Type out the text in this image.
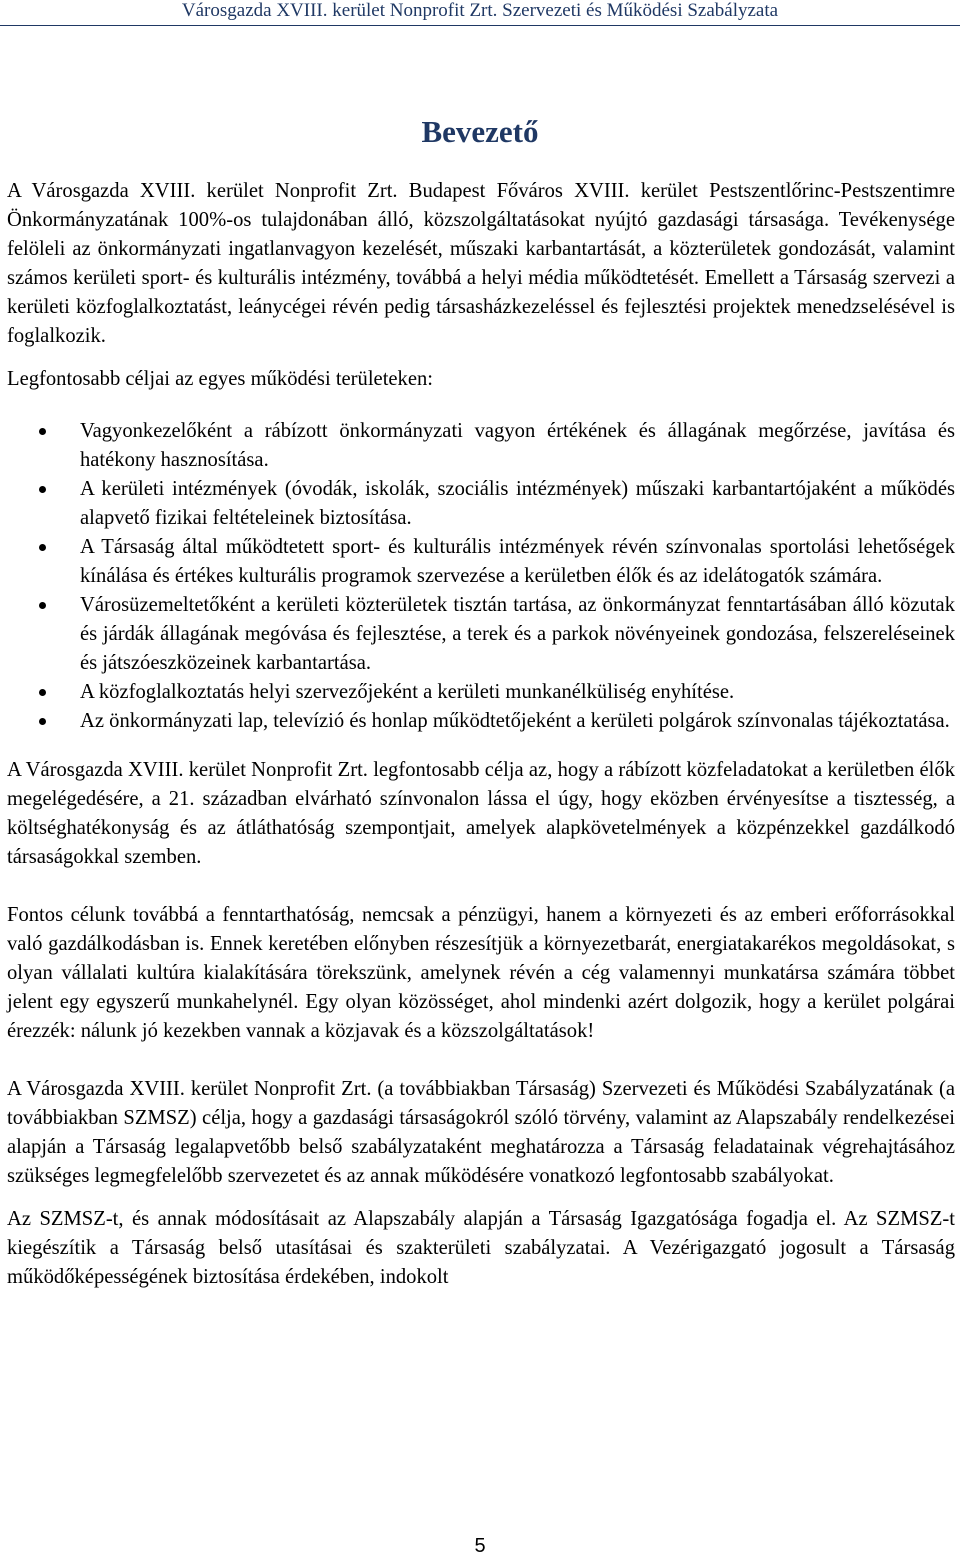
Városgazda XVIII. kerület Nonprofit Zrt. Szervezeti és Működési Szabályzata
Bevezető

A Városgazda XVIII. kerület Nonprofit Zrt. Budapest Főváros XVIII. kerület Pestszentlőrinc-Pestszentimre Önkormányzatának 100%-os tulajdonában álló, közszolgáltatásokat nyújtó gazdasági társasága. Tevékenysége felöleli az önkormányzati ingatlanvagyon kezelését, műszaki karbantartását, a közterületek gondozását, valamint számos kerületi sport- és kulturális intézmény, továbbá a helyi média működtetését. Emellett a Társaság szervezi a kerületi közfoglalkoztatást, leánycégei révén pedig társasházkezeléssel és fejlesztési projektek menedzselésével is foglalkozik.

Legfontosabb céljai az egyes működési területeken:

Vagyonkezelőként a rábízott önkormányzati vagyon értékének és állagának megőrzése, javítása és hatékony hasznosítása.
A kerületi intézmények (óvodák, iskolák, szociális intézmények) műszaki karbantartójaként a működés alapvető fizikai feltételeinek biztosítása.
A Társaság által működtetett sport- és kulturális intézmények révén színvonalas sportolási lehetőségek kínálása és értékes kulturális programok szervezése a kerületben élők és az idelátogatók számára.
Városüzemeltetőként a kerületi közterületek tisztán tartása, az önkormányzat fenntartásában álló közutak és járdák állagának megóvása és fejlesztése, a terek és a parkok növényeinek gondozása, felszereléseinek és játszóeszközeinek karbantartása.
A közfoglalkoztatás helyi szervezőjeként a kerületi munkanélküliség enyhítése.
Az önkormányzati lap, televízió és honlap működtetőjeként a kerületi polgárok színvonalas tájékoztatása.

A Városgazda XVIII. kerület Nonprofit Zrt. legfontosabb célja az, hogy a rábízott közfeladatokat a kerületben élők megelégedésére, a 21. században elvárható színvonalon lássa el úgy, hogy eközben érvényesítse a tisztesség, a költséghatékonyság és az átláthatóság szempontjait, amelyek alapkövetelmények a közpénzekkel gazdálkodó társaságokkal szemben.

Fontos célunk továbbá a fenntarthatóság, nemcsak a pénzügyi, hanem a környezeti és az emberi erőforrásokkal való gazdálkodásban is. Ennek keretében előnyben részesítjük a környezetbarát, energiatakarékos megoldásokat, s olyan vállalati kultúra kialakítására törekszünk, amelynek révén a cég valamennyi munkatársa számára többet jelent egy egyszerű munkahelynél. Egy olyan közösséget, ahol mindenki azért dolgozik, hogy a kerület polgárai érezzék: nálunk jó kezekben vannak a közjavak és a közszolgáltatások!

A Városgazda XVIII. kerület Nonprofit Zrt. (a továbbiakban Társaság) Szervezeti és Működési Szabályzatának (a továbbiakban SZMSZ) célja, hogy a gazdasági társaságokról szóló törvény, valamint az Alapszabály rendelkezései alapján a Társaság legalapvetőbb belső szabályzataként meghatározza a Társaság feladatainak végrehajtásához szükséges legmegfelelőbb szervezetet és az annak működésére vonatkozó legfontosabb szabályokat.

Az SZMSZ-t, és annak módosításait az Alapszabály alapján a Társaság Igazgatósága fogadja el. Az SZMSZ-t kiegészítik a Társaság belső utasításai és szakterületi szabályzatai. A Vezérigazgató jogosult a Társaság működőképességének biztosítása érdekében, indokolt

5
